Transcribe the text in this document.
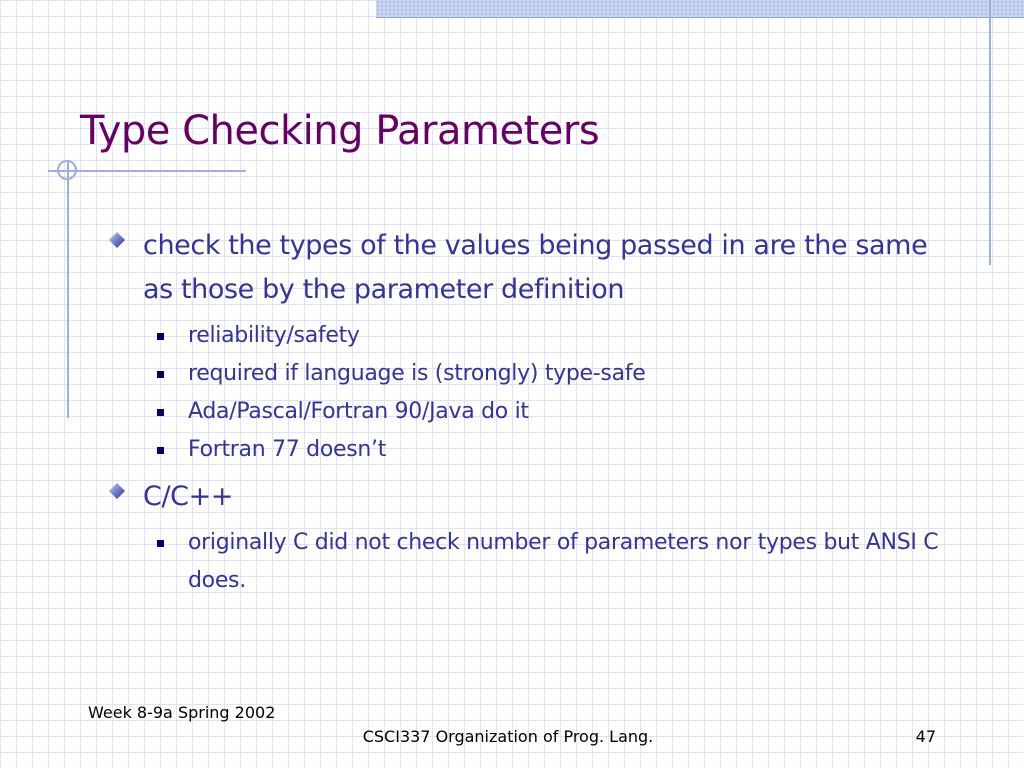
Type Checking Parameters
check the types of the values being passed in are the same as those by the parameter definition
reliability/safety
required if language is (strongly) type-safe
Ada/Pascal/Fortran 90/Java do it
Fortran 77 doesn’t
C/C++
originally C did not check number of parameters nor types but ANSI C does.
Week 8-9a Spring 2002
CSCI337 Organization of Prog. Lang.	47
